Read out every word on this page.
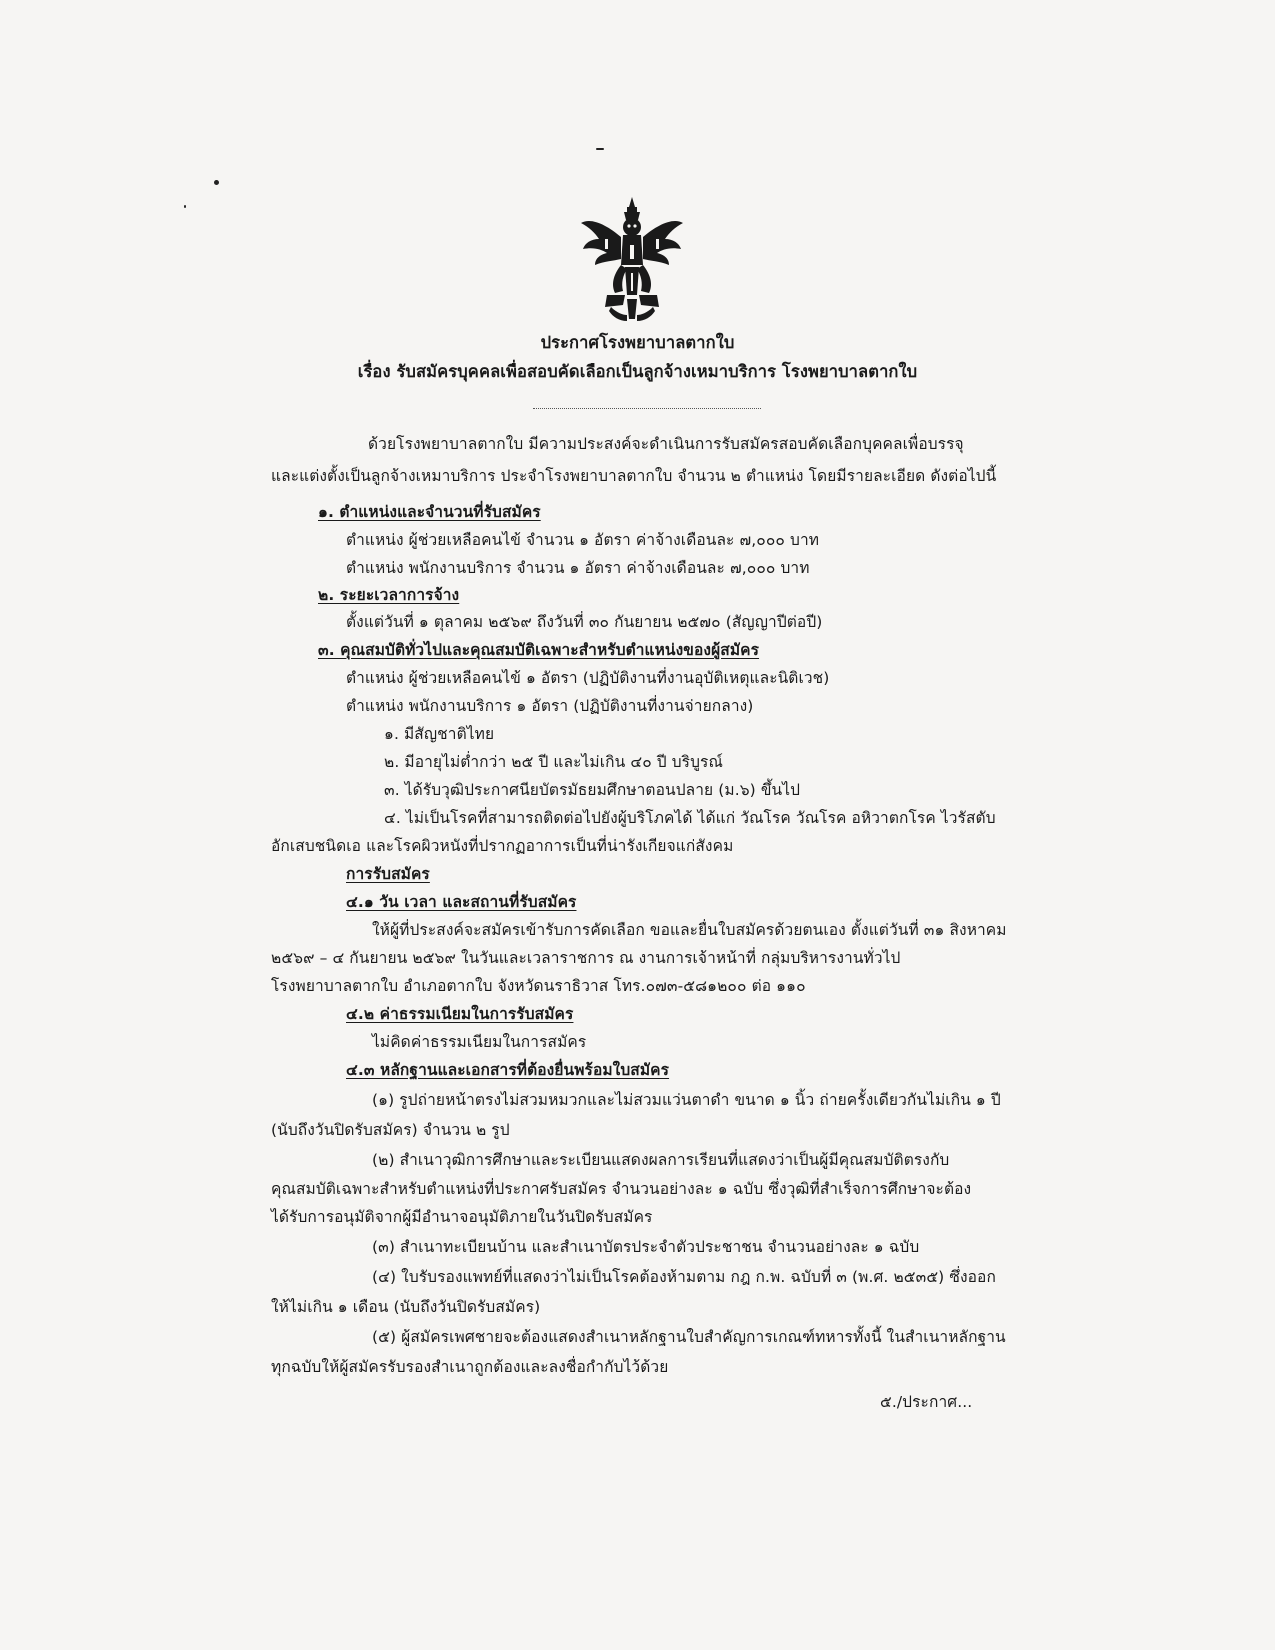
ประกาศโรงพยาบาลตากใบ
เรื่อง รับสมัครบุคคลเพื่อสอบคัดเลือกเป็นลูกจ้างเหมาบริการ โรงพยาบาลตากใบ
ด้วยโรงพยาบาลตากใบ มีความประสงค์จะดำเนินการรับสมัครสอบคัดเลือกบุคคลเพื่อบรรจุ
และแต่งตั้งเป็นลูกจ้างเหมาบริการ ประจำโรงพยาบาลตากใบ จำนวน ๒ ตำแหน่ง โดยมีรายละเอียด ดังต่อไปนี้
๑. ตำแหน่งและจำนวนที่รับสมัคร
ตำแหน่ง ผู้ช่วยเหลือคนไข้ จำนวน ๑ อัตรา ค่าจ้างเดือนละ ๗,๐๐๐ บาท
ตำแหน่ง พนักงานบริการ จำนวน ๑ อัตรา ค่าจ้างเดือนละ ๗,๐๐๐ บาท
๒. ระยะเวลาการจ้าง
ตั้งแต่วันที่ ๑ ตุลาคม ๒๕๖๙ ถึงวันที่ ๓๐ กันยายน ๒๕๗๐ (สัญญาปีต่อปี)
๓. คุณสมบัติทั่วไปและคุณสมบัติเฉพาะสำหรับตำแหน่งของผู้สมัคร
ตำแหน่ง ผู้ช่วยเหลือคนไข้ ๑ อัตรา (ปฏิบัติงานที่งานอุบัติเหตุและนิติเวช)
ตำแหน่ง พนักงานบริการ ๑ อัตรา (ปฏิบัติงานที่งานจ่ายกลาง)
๑. มีสัญชาติไทย
๒. มีอายุไม่ต่ำกว่า ๒๕ ปี และไม่เกิน ๔๐ ปี บริบูรณ์
๓. ได้รับวุฒิประกาศนียบัตรมัธยมศึกษาตอนปลาย (ม.๖) ขึ้นไป
๔. ไม่เป็นโรคที่สามารถติดต่อไปยังผู้บริโภคได้ ได้แก่ วัณโรค วัณโรค อหิวาตกโรค ไวรัสตับ
อักเสบชนิดเอ และโรคผิวหนังที่ปรากฏอาการเป็นที่น่ารังเกียจแก่สังคม
การรับสมัคร
๔.๑ วัน เวลา และสถานที่รับสมัคร
ให้ผู้ที่ประสงค์จะสมัครเข้ารับการคัดเลือก ขอและยื่นใบสมัครด้วยตนเอง ตั้งแต่วันที่ ๓๑ สิงหาคม
๒๕๖๙ – ๔ กันยายน ๒๕๖๙ ในวันและเวลาราชการ ณ งานการเจ้าหน้าที่ กลุ่มบริหารงานทั่วไป
โรงพยาบาลตากใบ อำเภอตากใบ จังหวัดนราธิวาส โทร.๐๗๓-๕๘๑๒๐๐ ต่อ ๑๑๐
๔.๒ ค่าธรรมเนียมในการรับสมัคร
ไม่คิดค่าธรรมเนียมในการสมัคร
๔.๓ หลักฐานและเอกสารที่ต้องยื่นพร้อมใบสมัคร
(๑) รูปถ่ายหน้าตรงไม่สวมหมวกและไม่สวมแว่นตาดำ ขนาด ๑ นิ้ว ถ่ายครั้งเดียวกันไม่เกิน ๑ ปี
(นับถึงวันปิดรับสมัคร) จำนวน ๒ รูป
(๒) สำเนาวุฒิการศึกษาและระเบียนแสดงผลการเรียนที่แสดงว่าเป็นผู้มีคุณสมบัติตรงกับ
คุณสมบัติเฉพาะสำหรับตำแหน่งที่ประกาศรับสมัคร จำนวนอย่างละ ๑ ฉบับ ซึ่งวุฒิที่สำเร็จการศึกษาจะต้อง
ได้รับการอนุมัติจากผู้มีอำนาจอนุมัติภายในวันปิดรับสมัคร
(๓) สำเนาทะเบียนบ้าน และสำเนาบัตรประจำตัวประชาชน จำนวนอย่างละ ๑ ฉบับ
(๔) ใบรับรองแพทย์ที่แสดงว่าไม่เป็นโรคต้องห้ามตาม กฎ ก.พ. ฉบับที่ ๓ (พ.ศ. ๒๕๓๕) ซึ่งออก
ให้ไม่เกิน ๑ เดือน (นับถึงวันปิดรับสมัคร)
(๕) ผู้สมัครเพศชายจะต้องแสดงสำเนาหลักฐานใบสำคัญการเกณฑ์ทหารทั้งนี้ ในสำเนาหลักฐาน
ทุกฉบับให้ผู้สมัครรับรองสำเนาถูกต้องและลงชื่อกำกับไว้ด้วย
๕./ประกาศ...
